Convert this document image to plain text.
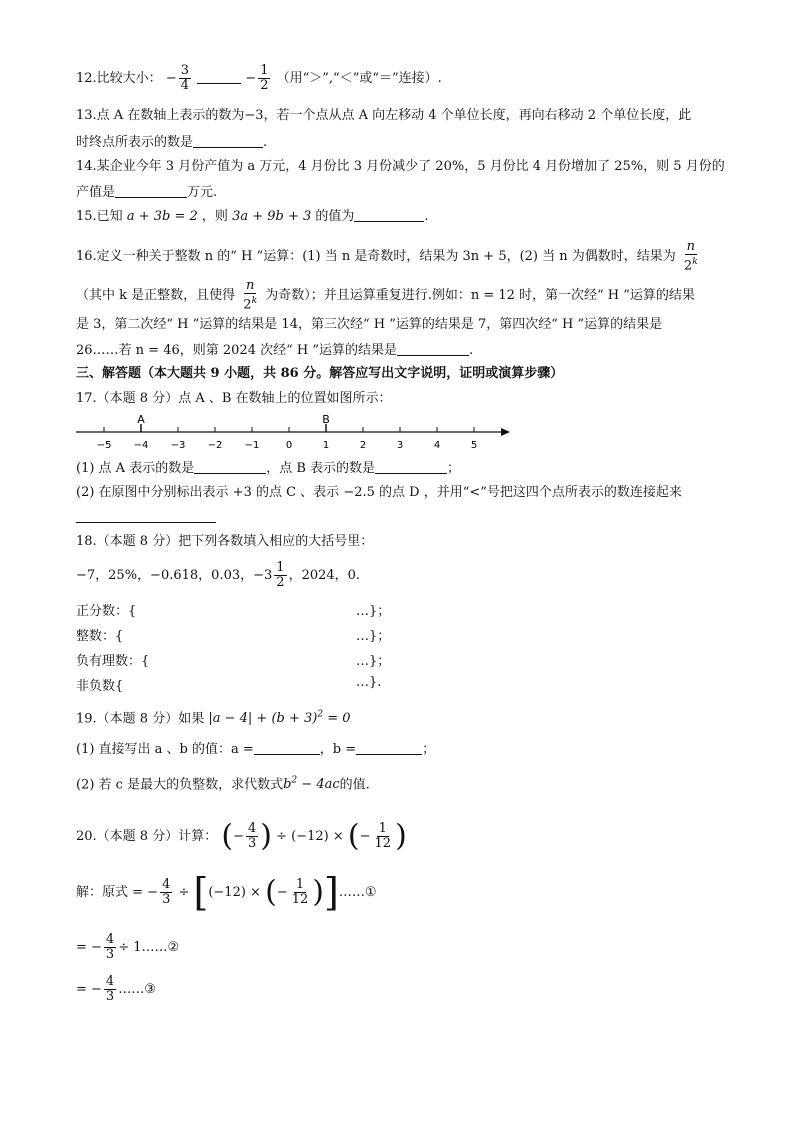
12.比较大小： − $\frac{3}{4}$	− $\frac{1}{2}$ （用“＞”,“＜”或“＝”连接）.
13.点 A 在数轴上表示的数为−3，若一个点从点 A 向左移动 4 个单位长度，再向右移动 2 个单位长度，此
时终点所表示的数是	.
14.某企业今年 3 月份产值为 a 万元，4 月份比 3 月份减少了 20%，5 月份比 4 月份增加了 25%，则 5 月份的
产值是	万元.
15.已知 a + 3b = 2 ，则 3a + 9b + 3 的值为	.
16.定义一种关于整数 n 的“ H ”运算：(1) 当 n 是奇数时，结果为 3n + 5，(2) 当 n 为偶数时，结果为 $\frac{n}{2^k}$
（其中 k 是正整数，且使得 $\frac{n}{2^k}$ 为奇数）；并且运算重复进行.例如：n = 12 时，第一次经“ H ”运算的结果
是 3，第二次经“ H ”运算的结果是 14，第三次经“ H ”运算的结果是 7，第四次经“ H ”运算的结果是
26……若 n = 46，则第 2024 次经“ H ”运算的结果是	.
三、解答题（本大题共 9 小题，共 86 分。解答应写出文字说明，证明或演算步骤）
17.（本题 8 分）点 A 、B 在数轴上的位置如图所示：
−5 −4 −3 −2 −1	0	1	2	3	4	5
A	B
(1) 点 A 表示的数是	，点 B 表示的数是	；
(2) 在原图中分别标出表示 +3 的点 C 、表示 −2.5 的点 D ，并用“<”号把这四个点所表示的数连接起来
18.（本题 8 分）把下列各数填入相应的大括号里：
−7，25%，−0.618，0.03，$-3 \frac{1}{2}$ ，2024，0.
正分数：{	…}；
整数：{	…}；
负有理数：{	…}；
非负数{	…}.
19.（本题 8 分）如果 $|a - 4| + (b + 3)^2 = 0$
(1) 直接写出 a 、b 的值：a =	，b =	；
(2) 若 c 是最大的负整数，求代数式$b^2 - 4ac$的值.
20.（本题 8 分）计算： (− $\frac{4}{3}$ ) ÷ (−12) × (− $\frac{1}{12}$ )
解：原式 = − $\frac{4}{3} \div [(-12)$ × (− $\frac{1}{12}$ )]……①
= − $\frac{4}{3}$ ÷ 1……②
= − $\frac{4}{3}$ ……③
